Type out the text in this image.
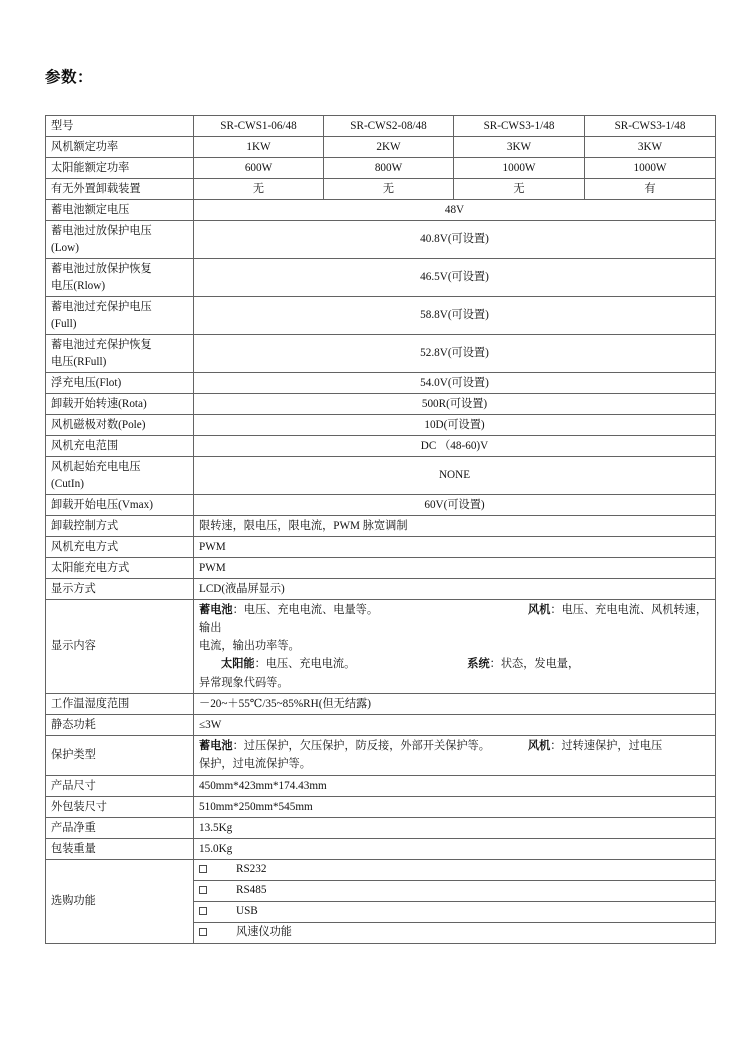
参数：
型号	SR-CWS1-06/48	SR-CWS2-08/48	SR-CWS3-1/48	SR-CWS3-1/48
风机额定功率	1KW	2KW	3KW	3KW
太阳能额定功率	600W	800W	1000W	1000W
有无外置卸载装置	无	无	无	有
蓄电池额定电压	48V			
蓄电池过放保护电压
(Low)	40.8V(可设置)			
蓄电池过放保护恢复
电压(Rlow)	46.5V(可设置)			
蓄电池过充保护电压
(Full)	58.8V(可设置)			
蓄电池过充保护恢复
电压(RFull)	52.8V(可设置)			
浮充电压(Flot)	54.0V(可设置)			
卸载开始转速(Rota)	500R(可设置)			
风机磁极对数(Pole)	10D(可设置)			
风机充电范围	DC （48-60)V			
风机起始充电电压
(CutIn)	NONE			
卸载开始电压(Vmax)	60V(可设置)			
卸载控制方式	限转速，限电压，限电流，PWM 脉宽调制			
风机充电方式	PWM			
太阳能充电方式	PWM			
显示方式	LCD(液晶屏显示)			
显示内容	蓄电池：电压、充电电流、电量等。 风机：电压、充电电流、风机转速，输出
电流，输出功率等。
太阳能：电压、充电电流。 系统：状态，发电量，
异常现象代码等。			
工作温湿度范围	－20~＋55℃/35~85%RH(但无结露)			
静态功耗	≤3W			
保护类型	蓄电池：过压保护，欠压保护，防反接，外部开关保护等。 风机：过转速保护，过电压
保护，过电流保护等。			
产品尺寸	450mm*423mm*174.43mm			
外包装尺寸	510mm*250mm*545mm			
产品净重	13.5Kg			
包装重量	15.0Kg			
选购功能	RS232			
	RS485			
	USB			
	风速仪功能			
